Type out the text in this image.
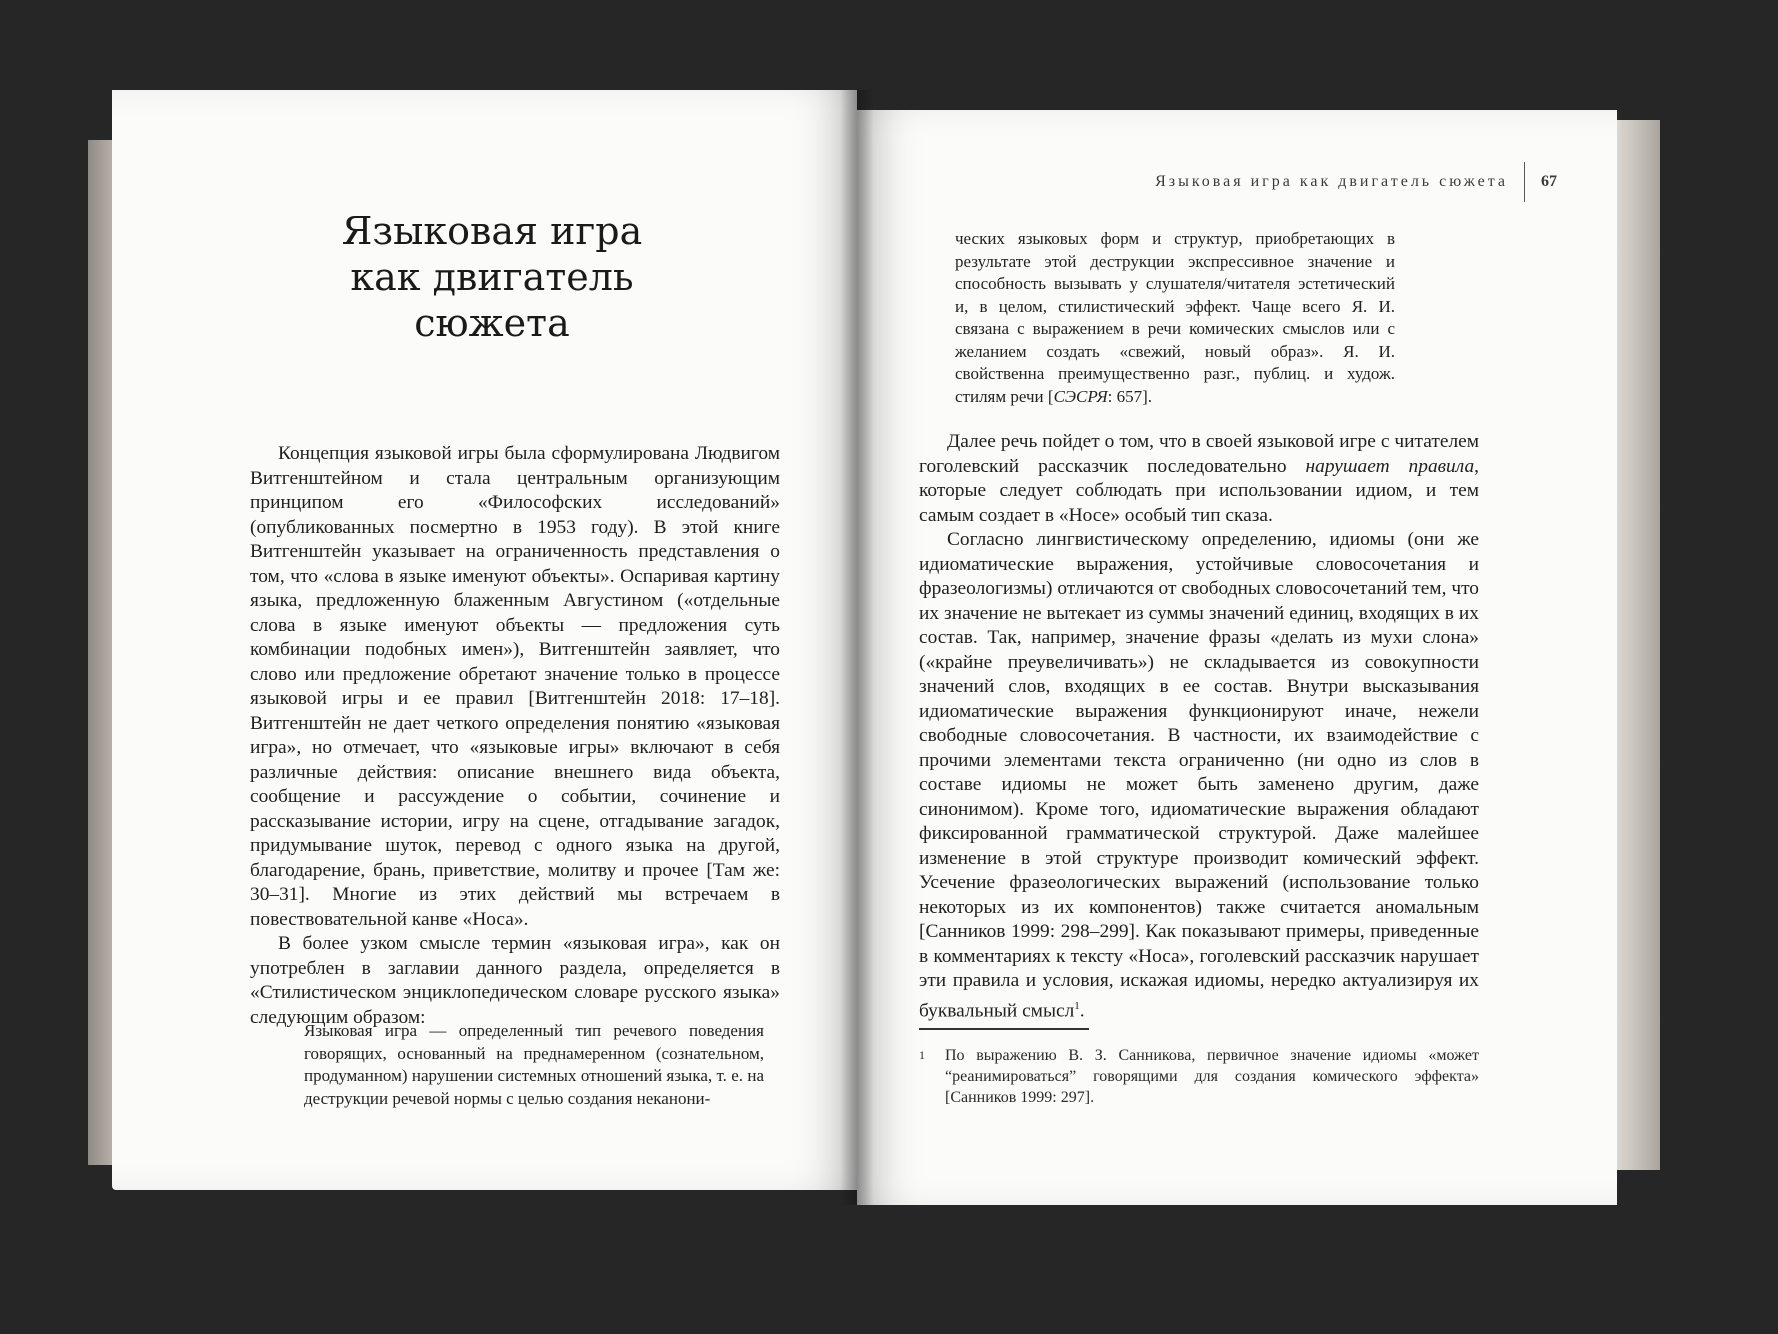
Языковая игра
как двигатель сюжета

Концепция языковой игры была сформулирована Людвигом Витгенштейном и стала центральным организующим принципом его «Философских исследований» (опубликованных посмертно в 1953 году). В этой книге Витгенштейн указывает на ограниченность представления о том, что «слова в языке именуют объекты». Оспаривая картину языка, предложенную блаженным Августином («отдельные слова в языке именуют объекты — предложения суть комбинации подобных имен»), Витгенштейн заявляет, что слово или предложение обретают значение только в процессе языковой игры и ее правил [Витгенштейн 2018: 17–18]. Витгенштейн не дает четкого определения понятию «языковая игра», но отмечает, что «языковые игры» включают в себя различные действия: описание внешнего вида объекта, сообщение и рассуждение о событии, сочинение и рассказывание истории, игру на сцене, отгадывание загадок, придумывание шуток, перевод с одного языка на другой, благодарение, брань, приветствие, молитву и прочее [Там же: 30–31]. Многие из этих действий мы встречаем в повествовательной канве «Носа».

В более узком смысле термин «языковая игра», как он употреблен в заглавии данного раздела, определяется в «Стилистическом энциклопедическом словаре русского языка» следующим образом:

Языковая игра — определенный тип речевого поведения говорящих, основанный на преднамеренном (сознательном, продуманном) нарушении системных отношений языка, т. е. на деструкции речевой нормы с целью создания неканони-
Языковая игра как двигатель сюжета 67
ческих языковых форм и структур, приобретающих в результате этой деструкции экспрессивное значение и способность вызывать у слушателя/читателя эстетический и, в целом, стилистический эффект. Чаще всего Я. И. связана с выражением в речи комических смыслов или с желанием создать «свежий, новый образ». Я. И. свойственна преимущественно разг., публиц. и худож. стилям речи [СЭСРЯ: 657].

Далее речь пойдет о том, что в своей языковой игре с читателем гоголевский рассказчик последовательно нарушает правила, которые следует соблюдать при использовании идиом, и тем самым создает в «Носе» особый тип сказа.

Согласно лингвистическому определению, идиомы (они же идиоматические выражения, устойчивые словосочетания и фразеологизмы) отличаются от свободных словосочетаний тем, что их значение не вытекает из суммы значений единиц, входящих в их состав. Так, например, значение фразы «делать из мухи слона» («крайне преувеличивать») не складывается из совокупности значений слов, входящих в ее состав. Внутри высказывания идиоматические выражения функционируют иначе, нежели свободные словосочетания. В частности, их взаимодействие с прочими элементами текста ограниченно (ни одно из слов в составе идиомы не может быть заменено другим, даже синонимом). Кроме того, идиоматические выражения обладают фиксированной грамматической структурой. Даже малейшее изменение в этой структуре производит комический эффект. Усечение фразеологических выражений (использование только некоторых из их компонентов) также считается аномальным [Санников 1999: 298–299]. Как показывают примеры, приведенные в комментариях к тексту «Носа», гоголевский рассказчик нарушает эти правила и условия, искажая идиомы, нередко актуализируя их буквальный смысл$^1$.

1	По выражению В. З. Санникова, первичное значение идиомы «может “реанимироваться” говорящими для создания комического эффекта» [Санников 1999: 297].
